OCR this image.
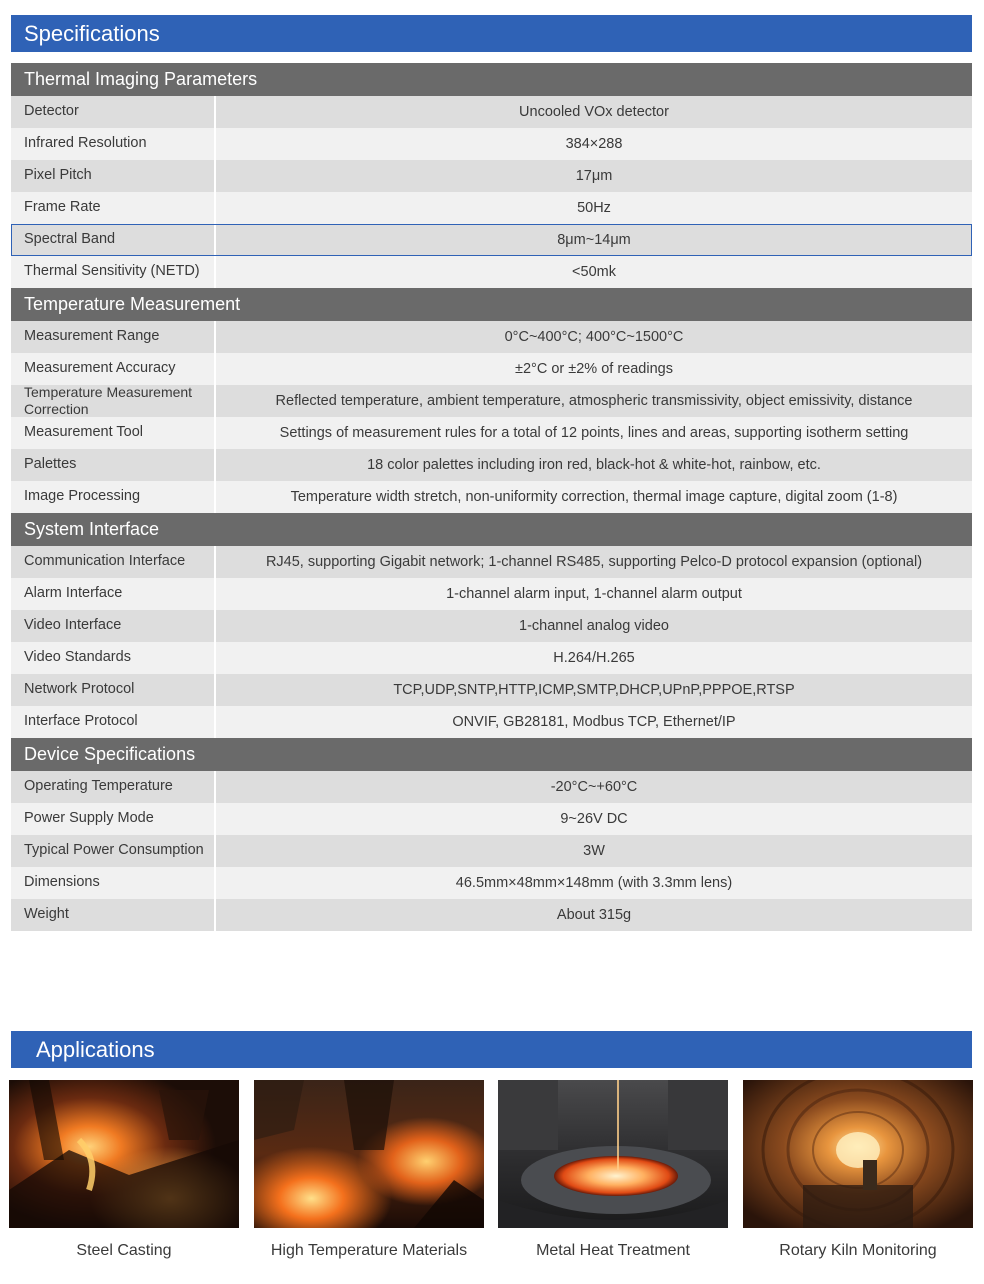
Specifications
Thermal Imaging Parameters
Detector	Uncooled VOx detector
Infrared Resolution	384×288
Pixel Pitch	17μm
Frame Rate	50Hz
Spectral Band	8μm~14μm
Thermal Sensitivity (NETD)	<50mk
Temperature Measurement
Measurement Range	0°C~400°C; 400°C~1500°C
Measurement Accuracy	±2°C or ±2% of readings
Temperature Measurement Correction	Reflected temperature, ambient temperature, atmospheric transmissivity, object emissivity, distance
Measurement Tool	Settings of measurement rules for a total of 12 points, lines and areas, supporting isotherm setting
Palettes	18 color palettes including iron red, black-hot & white-hot, rainbow, etc.
Image Processing	Temperature width stretch, non-uniformity correction, thermal image capture, digital zoom (1-8)
System Interface
Communication Interface	RJ45, supporting Gigabit network; 1-channel RS485, supporting Pelco-D protocol expansion (optional)
Alarm Interface	1-channel alarm input, 1-channel alarm output
Video Interface	1-channel analog video
Video Standards	H.264/H.265
Network Protocol	TCP,UDP,SNTP,HTTP,ICMP,SMTP,DHCP,UPnP,PPPOE,RTSP
Interface Protocol	ONVIF, GB28181, Modbus TCP, Ethernet/IP
Device Specifications
Operating Temperature	-20°C~+60°C
Power Supply Mode	9~26V DC
Typical Power Consumption	3W
Dimensions	46.5mm×48mm×148mm (with 3.3mm lens)
Weight	About 315g
Applications
Steel Casting	High Temperature Materials	Metal Heat Treatment	Rotary Kiln Monitoring
